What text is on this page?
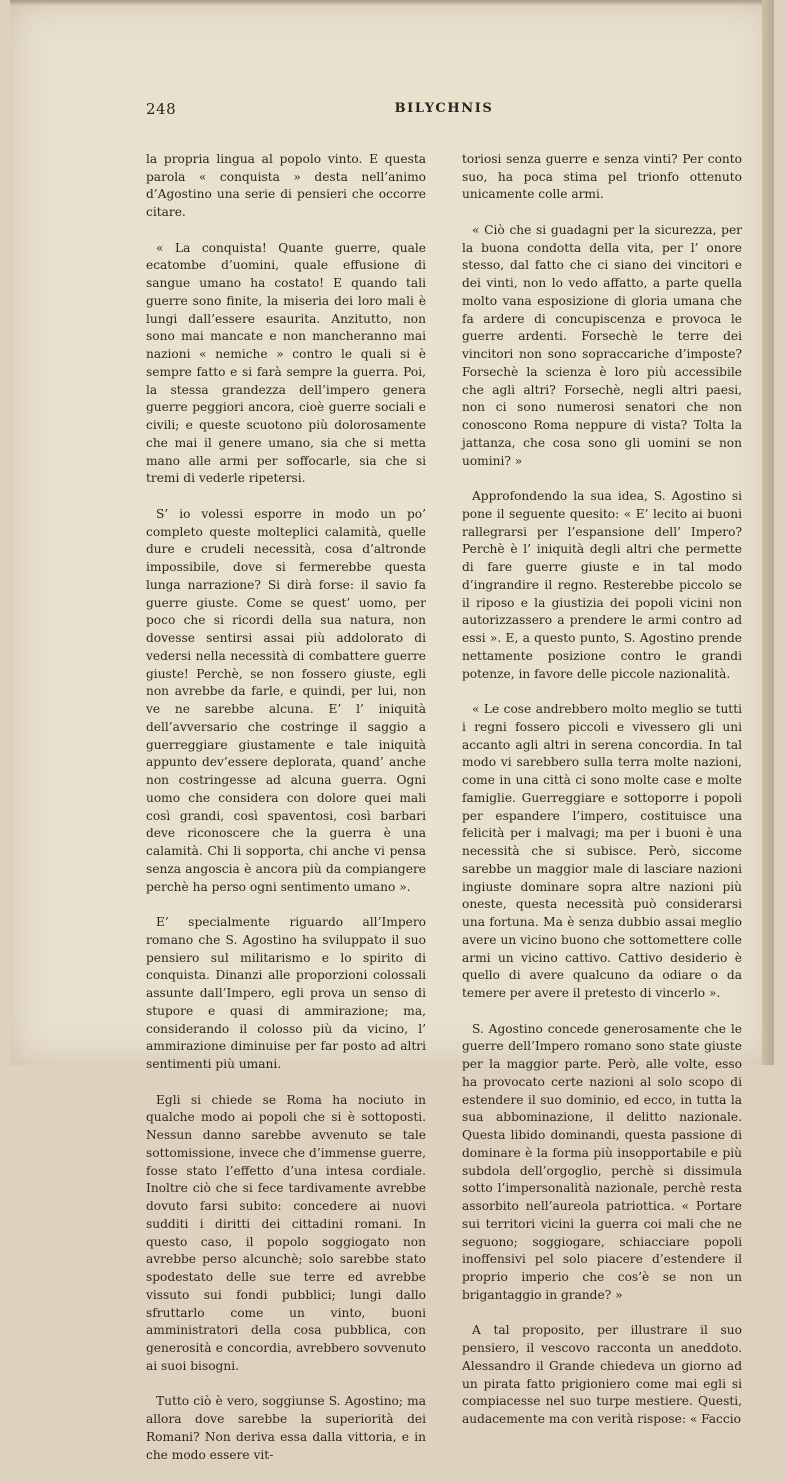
248	BILYCHNIS

la propria lingua al popolo vinto. E questa parola « conquista » desta nell’animo d’Agostino una serie di pensieri che occorre citare.

« La conquista! Quante guerre, quale ecatombe d’uomini, quale effusione di sangue umano ha costato! E quando tali guerre sono finite, la miseria dei loro mali è lungi dall’essere esaurita. Anzitutto, non sono mai mancate e non mancheranno mai nazioni « nemiche » contro le quali si è sempre fatto e si farà sempre la guerra. Poi, la stessa grandezza dell’impero genera guerre peggiori ancora, cioè guerre sociali e civili; e queste scuotono più dolorosamente che mai il genere umano, sia che si metta mano alle armi per soffocarle, sia che si tremi di vederle ripetersi.

S’ io volessi esporre in modo un po’ completo queste molteplici calamità, quelle dure e crudeli necessità, cosa d’altronde impossibile, dove si fermerebbe questa lunga narrazione? Si dirà forse: il savio fa guerre giuste. Come se quest’ uomo, per poco che si ricordi della sua natura, non dovesse sentirsi assai più addolorato di vedersi nella necessità di combattere guerre giuste! Perchè, se non fossero giuste, egli non avrebbe da farle, e quindi, per lui, non ve ne sarebbe alcuna. E’ l’ iniquità dell’avversario che costringe il saggio a guerreggiare giustamente e tale iniquità appunto dev’essere deplorata, quand’ anche non costringesse ad alcuna guerra. Ogni uomo che considera con dolore quei mali così grandi, così spaventosi, così barbari deve riconoscere che la guerra è una calamità. Chi li sopporta, chi anche vi pensa senza angoscia è ancora più da compiangere perchè ha perso ogni sentimento umano ».

E’ specialmente riguardo all’Impero romano che S. Agostino ha sviluppato il suo pensiero sul militarismo e lo spirito di conquista. Dinanzi alle proporzioni colossali assunte dall’Impero, egli prova un senso di stupore e quasi di ammirazione; ma, considerando il colosso più da vicino, l’ ammirazione diminuise per far posto ad altri sentimenti più umani.

Egli si chiede se Roma ha nociuto in qualche modo ai popoli che si è sottoposti. Nessun danno sarebbe avvenuto se tale sottomissione, invece che d’immense guerre, fosse stato l’effetto d’una intesa cordiale. Inoltre ciò che si fece tardivamente avrebbe dovuto farsi subito: concedere ai nuovi sudditi i diritti dei cittadini romani. In questo caso, il popolo soggiogato non avrebbe perso alcunchè; solo sarebbe stato spodestato delle sue terre ed avrebbe vissuto sui fondi pubblici; lungi dallo sfruttarlo come un vinto, buoni amministratori della cosa pubblica, con generosità e concordia, avrebbero sovvenuto ai suoi bisogni.

Tutto ciò è vero, soggiunse S. Agostino; ma allora dove sarebbe la superiorità dei Romani? Non deriva essa dalla vittoria, e in che modo essere vit-

toriosi senza guerre e senza vinti? Per conto suo, ha poca stima pel trionfo ottenuto unicamente colle armi.

« Ciò che si guadagni per la sicurezza, per la buona condotta della vita, per l’ onore stesso, dal fatto che ci siano dei vincitori e dei vinti, non lo vedo affatto, a parte quella molto vana esposizione di gloria umana che fa ardere di concupiscenza e provoca le guerre ardenti. Forsechè le terre dei vincitori non sono sopraccariche d’imposte? Forsechè la scienza è loro più accessibile che agli altri? Forsechè, negli altri paesi, non ci sono numerosi senatori che non conoscono Roma neppure di vista? Tolta la jattanza, che cosa sono gli uomini se non uomini? »

Approfondendo la sua idea, S. Agostino si pone il seguente quesito: « E’ lecito ai buoni rallegrarsi per l’espansione dell’ Impero? Perchè è l’ iniquità degli altri che permette di fare guerre giuste e in tal modo d’ingrandire il regno. Resterebbe piccolo se il riposo e la giustizia dei popoli vicini non autorizzassero a prendere le armi contro ad essi ». E, a questo punto, S. Agostino prende nettamente posizione contro le grandi potenze, in favore delle piccole nazionalità.

« Le cose andrebbero molto meglio se tutti i regni fossero piccoli e vivessero gli uni accanto agli altri in serena concordia. In tal modo vi sarebbero sulla terra molte nazioni, come in una città ci sono molte case e molte famiglie. Guerreggiare e sottoporre i popoli per espandere l’impero, costituisce una felicità per i malvagi; ma per i buoni è una necessità che si subisce. Però, siccome sarebbe un maggior male di lasciare nazioni ingiuste dominare sopra altre nazioni più oneste, questa necessità può considerarsi una fortuna. Ma è senza dubbio assai meglio avere un vicino buono che sottomettere colle armi un vicino cattivo. Cattivo desiderio è quello di avere qualcuno da odiare o da temere per avere il pretesto di vincerlo ».

S. Agostino concede generosamente che le guerre dell’Impero romano sono state giuste per la maggior parte. Però, alle volte, esso ha provocato certe nazioni al solo scopo di estendere il suo dominio, ed ecco, in tutta la sua abbominazione, il delitto nazionale. Questa libido dominandi, questa passione di dominare è la forma più insopportabile e più subdola dell’orgoglio, perchè si dissimula sotto l’impersonalità nazionale, perchè resta assorbito nell’aureola patriottica. « Portare sui territori vicini la guerra coi mali che ne seguono; soggiogare, schiacciare popoli inoffensivi pel solo piacere d’estendere il proprio imperio che cos’è se non un brigantaggio in grande? »

A tal proposito, per illustrare il suo pensiero, il vescovo racconta un aneddoto. Alessandro il Grande chiedeva un giorno ad un pirata fatto prigioniero come mai egli si compiacesse nel suo turpe mestiere. Questi, audacemente ma con verità rispose: « Faccio
